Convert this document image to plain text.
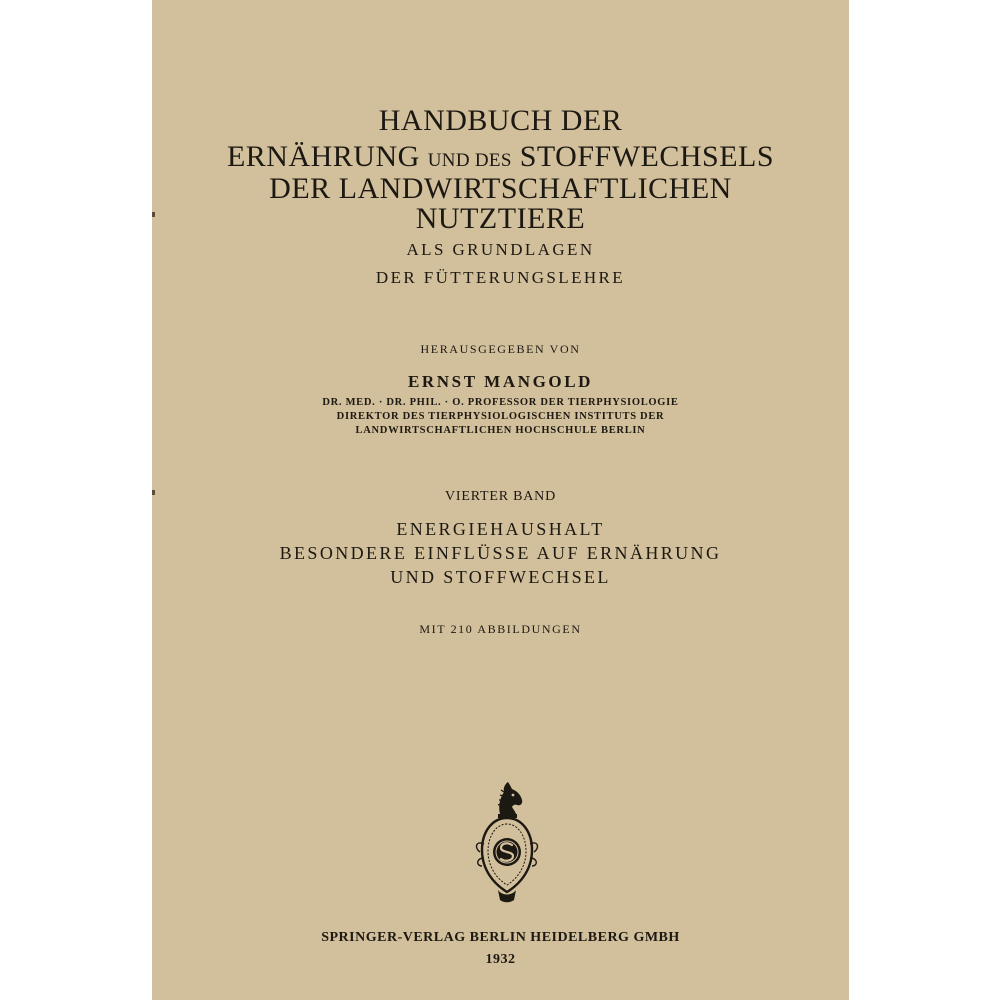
HANDBUCH DER
ERNÄHRUNG UND DES STOFFWECHSELS
DER LANDWIRTSCHAFTLICHEN
NUTZTIERE
ALS GRUNDLAGEN
DER FÜTTERUNGSLEHRE
HERAUSGEGEBEN VON
ERNST MANGOLD
DR. MED. · DR. PHIL. · O. PROFESSOR DER TIERPHYSIOLOGIE
DIREKTOR DES TIERPHYSIOLOGISCHEN INSTITUTS DER
LANDWIRTSCHAFTLICHEN HOCHSCHULE BERLIN
VIERTER BAND
ENERGIEHAUSHALT
BESONDERE EINFLÜSSE AUF ERNÄHRUNG
UND STOFFWECHSEL
MIT 210 ABBILDUNGEN
SPRINGER-VERLAG BERLIN HEIDELBERG GMBH
1932
